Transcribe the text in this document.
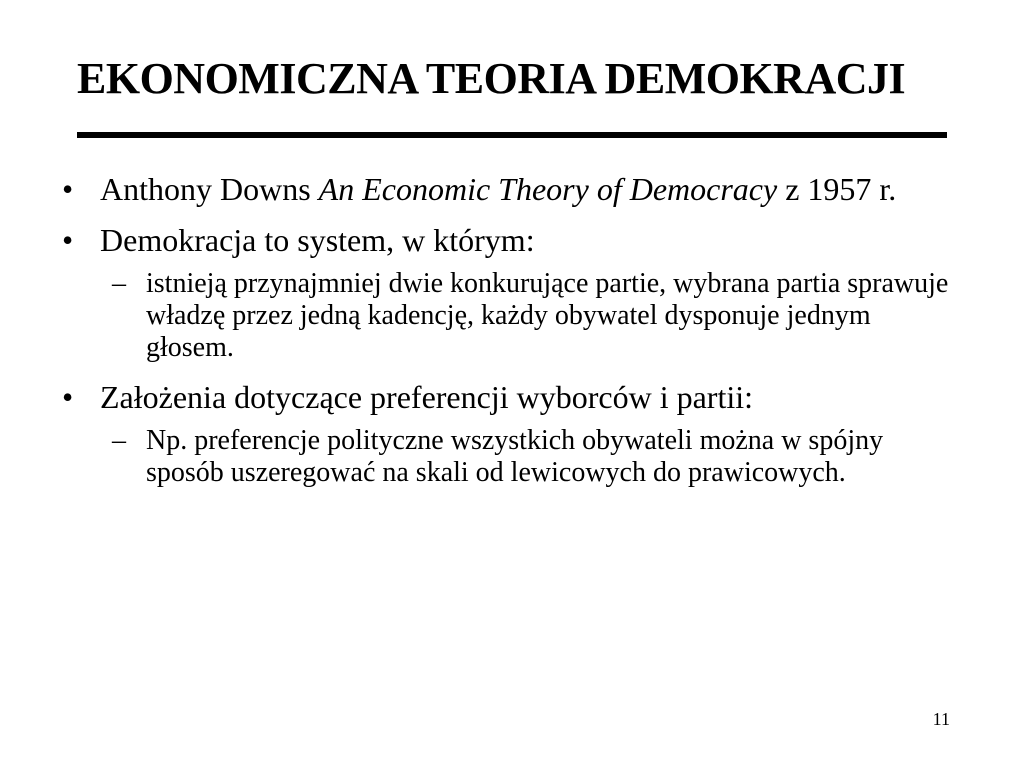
EKONOMICZNA TEORIA DEMOKRACJI
• Anthony Downs An Economic Theory of Democracy z 1957 r.
• Demokracja to system, w którym:
– istnieją przynajmniej dwie konkurujące partie, wybrana partia sprawuje władzę przez jedną kadencję, każdy obywatel dysponuje jednym głosem.
• Założenia dotyczące preferencji wyborców i partii:
– Np. preferencje polityczne wszystkich obywateli można w spójny sposób uszeregować na skali od lewicowych do prawicowych.
11
